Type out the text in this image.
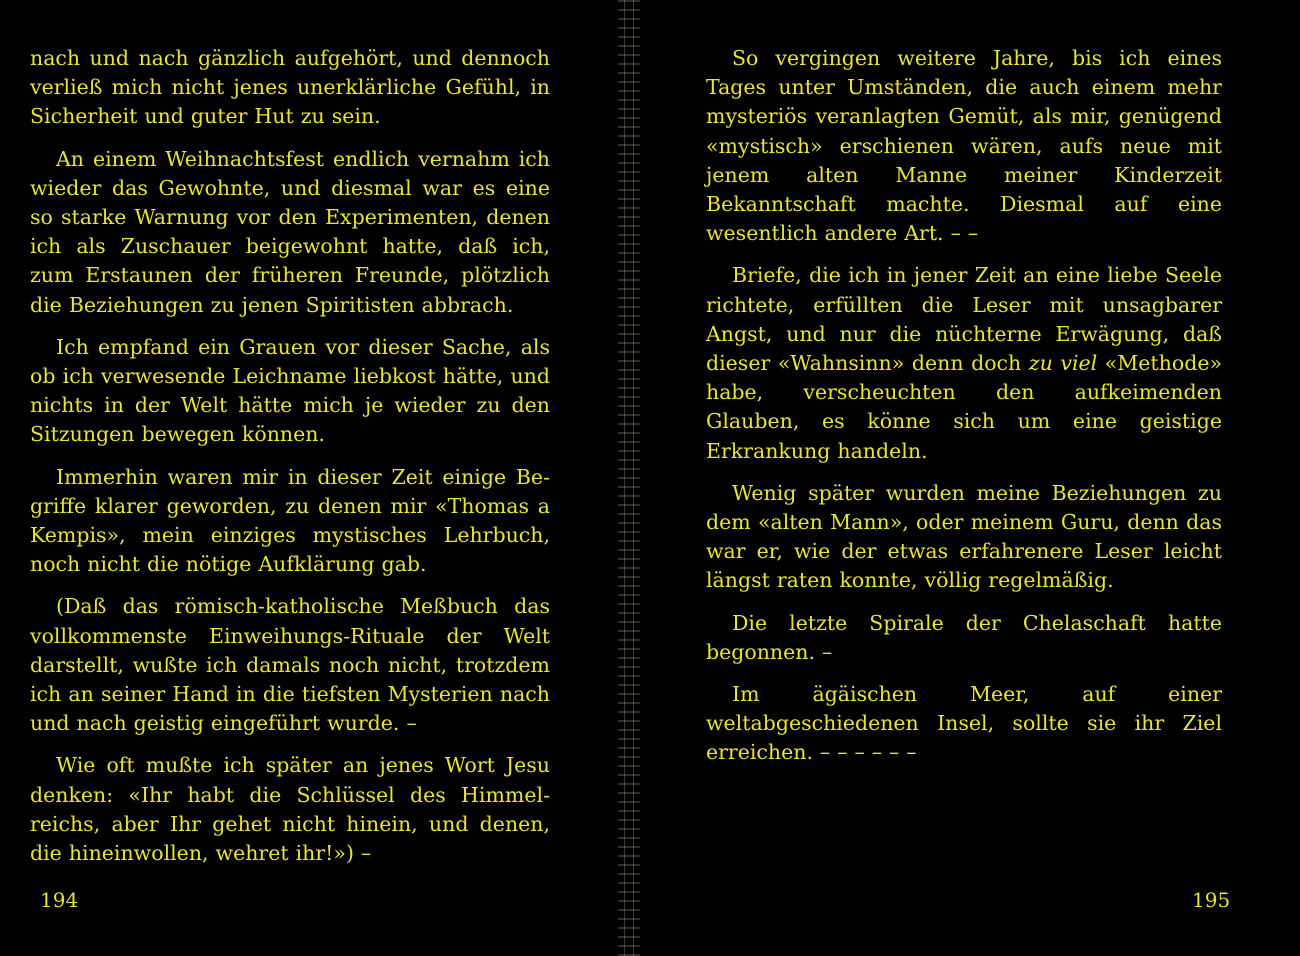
nach und nach gänzlich aufgehört, und dennoch verließ mich nicht jenes unerklärliche Gefühl, in Sicherheit und guter Hut zu sein.

An einem Weihnachtsfest endlich vernahm ich wieder das Gewohnte, und diesmal war es eine so starke Warnung vor den Experimenten, denen ich als Zuschauer beigewohnt hatte, daß ich, zum Erstaunen der früheren Freunde, plötzlich die Beziehungen zu jenen Spiritisten abbrach.

Ich empfand ein Grauen vor dieser Sache, als ob ich verwesende Leichname liebkost hätte, und nichts in der Welt hätte mich je wieder zu den Sitzungen bewegen können.

Immerhin waren mir in dieser Zeit einige Begriffe klarer geworden, zu denen mir «Thomas a Kempis», mein einziges mystisches Lehrbuch, noch nicht die nötige Aufklärung gab.

(Daß das römisch-katholische Meßbuch das vollkommenste Einweihungs-Rituale der Welt darstellt, wußte ich damals noch nicht, trotzdem ich an seiner Hand in die tiefsten Mysterien nach und nach geistig eingeführt wurde. –

Wie oft mußte ich später an jenes Wort Jesu denken: «Ihr habt die Schlüssel des Himmelreichs, aber Ihr gehet nicht hinein, und denen, die hineinwollen, wehret ihr!») –

194

So vergingen weitere Jahre, bis ich eines Tages unter Umständen, die auch einem mehr mysteriös veranlagten Gemüt, als mir, genügend «mystisch» erschienen wären, aufs neue mit jenem alten Manne meiner Kinderzeit Bekanntschaft machte. Diesmal auf eine wesentlich andere Art. – –

Briefe, die ich in jener Zeit an eine liebe Seele richtete, erfüllten die Leser mit unsagbarer Angst, und nur die nüchterne Erwägung, daß dieser «Wahnsinn» denn doch zu viel «Methode» habe, verscheuchten den aufkeimenden Glauben, es könne sich um eine geistige Erkrankung handeln.

Wenig später wurden meine Beziehungen zu dem «alten Mann», oder meinem Guru, denn das war er, wie der etwas erfahrenere Leser leicht längst raten konnte, völlig regelmäßig.

Die letzte Spirale der Chelaschaft hatte begonnen. –

Im ägäischen Meer, auf einer weltabgeschiedenen Insel, sollte sie ihr Ziel erreichen. – – – – – –

195
